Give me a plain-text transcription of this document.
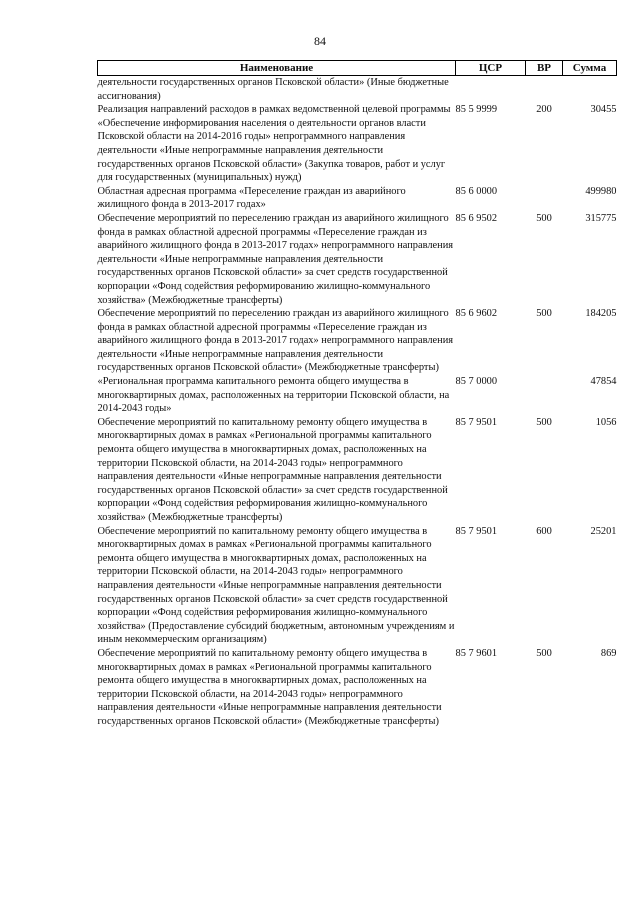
84
Наименование	ЦСР	ВР	Сумма
деятельности государственных органов Псковской области» (Иные бюджетные ассигнования)			
Реализация направлений расходов в рамках ведомственной целевой программы «Обеспечение информирования населения о деятельности органов власти Псковской области на 2014-2016 годы» непрограммного направления деятельности «Иные непрограммные направления деятельности государственных органов Псковской области» (Закупка товаров, работ и услуг для государственных (муниципальных) нужд)	85 5 9999	200	30455
Областная адресная программа «Переселение граждан из аварийного жилищного фонда в 2013-2017 годах»	85 6 0000		499980
Обеспечение мероприятий по переселению граждан из аварийного жилищного фонда в рамках областной адресной программы «Переселение граждан из аварийного жилищного фонда в 2013-2017 годах» непрограммного направления деятельности «Иные непрограммные направления деятельности государственных органов Псковской области» за счет средств государственной корпорации «Фонд содействия реформированию жилищно-коммунального хозяйства» (Межбюджетные трансферты)	85 6 9502	500	315775
Обеспечение мероприятий по переселению граждан из аварийного жилищного фонда в рамках областной адресной программы «Переселение граждан из аварийного жилищного фонда в 2013-2017 годах» непрограммного направления деятельности «Иные непрограммные направления деятельности государственных органов Псковской области» (Межбюджетные трансферты)	85 6 9602	500	184205
«Региональная программа капитального ремонта общего имущества в многоквартирных домах, расположенных на территории Псковской области, на 2014-2043 годы»	85 7 0000		47854
Обеспечение мероприятий по капитальному ремонту общего имущества в многоквартирных домах в рамках «Региональной программы капитального ремонта общего имущества в многоквартирных домах, расположенных на территории Псковской области, на 2014-2043 годы» непрограммного направления деятельности «Иные непрограммные направления деятельности государственных органов Псковской области» за счет средств государственной корпорации «Фонд содействия реформирования жилищно-коммунального хозяйства» (Межбюджетные трансферты)	85 7 9501	500	1056
Обеспечение мероприятий по капитальному ремонту общего имущества в многоквартирных домах в рамках «Региональной программы капитального ремонта общего имущества в многоквартирных домах, расположенных на территории Псковской области, на 2014-2043 годы» непрограммного направления деятельности «Иные непрограммные направления деятельности государственных органов Псковской области» за счет средств государственной корпорации «Фонд содействия реформирования жилищно-коммунального хозяйства» (Предоставление субсидий бюджетным, автономным учреждениям и иным некоммерческим организациям)	85 7 9501	600	25201
Обеспечение мероприятий по капитальному ремонту общего имущества в многоквартирных домах в рамках «Региональной программы капитального ремонта общего имущества в многоквартирных домах, расположенных на территории Псковской области, на 2014-2043 годы» непрограммного направления деятельности «Иные непрограммные направления деятельности государственных органов Псковской области» (Межбюджетные трансферты)	85 7 9601	500	869
